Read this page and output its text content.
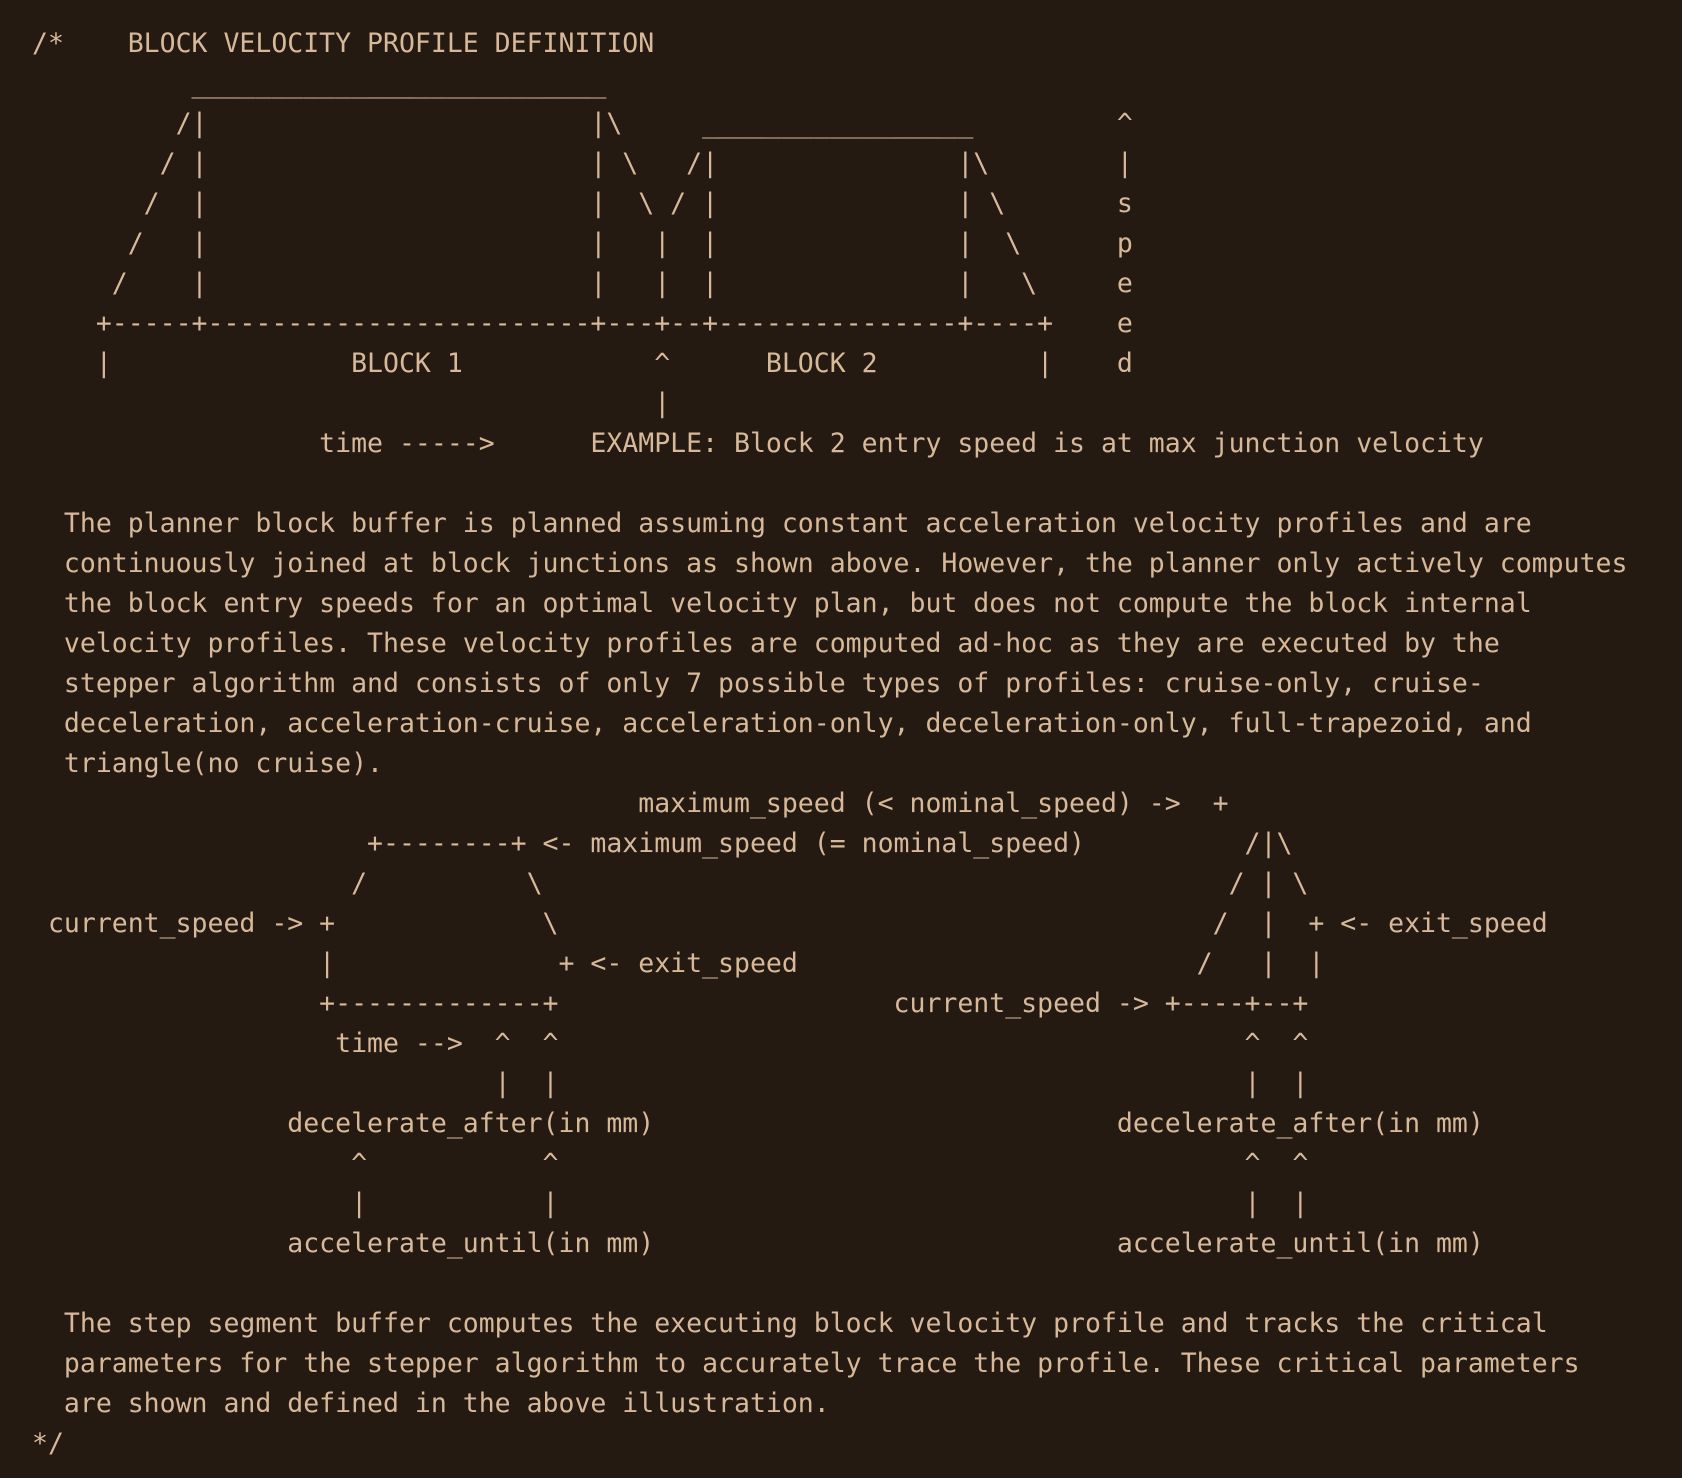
/*    BLOCK VELOCITY PROFILE DEFINITION
__________________________
/|                        |\     _________________         ^
/ |                        | \   /|               |\        |
/  |                        |  \ / |               | \       s
/   |                        |   |  |               |  \      p
/    |                        |   |  |               |   \     e
+-----+------------------------+---+--+---------------+----+    e
|               BLOCK 1            ^      BLOCK 2          |    d
|
time ----->      EXAMPLE: Block 2 entry speed is at max junction velocity
The planner block buffer is planned assuming constant acceleration velocity profiles and are
continuously joined at block junctions as shown above. However, the planner only actively computes
the block entry speeds for an optimal velocity plan, but does not compute the block internal
velocity profiles. These velocity profiles are computed ad-hoc as they are executed by the
stepper algorithm and consists of only 7 possible types of profiles: cruise-only, cruise-
deceleration, acceleration-cruise, acceleration-only, deceleration-only, full-trapezoid, and
triangle(no cruise).
maximum_speed (< nominal_speed) ->  +
+--------+ <- maximum_speed (= nominal_speed)          /|\
/          \                                           / | \
current_speed -> +             \                                         /  |  + <- exit_speed
|              + <- exit_speed                         /   |  |
+-------------+                     current_speed -> +----+--+
time -->  ^  ^                                           ^  ^
|  |                                           |  |
decelerate_after(in mm)                             decelerate_after(in mm)
^           ^                                           ^  ^
|           |                                           |  |
accelerate_until(in mm)                             accelerate_until(in mm)
The step segment buffer computes the executing block velocity profile and tracks the critical
parameters for the stepper algorithm to accurately trace the profile. These critical parameters
are shown and defined in the above illustration.
*/
